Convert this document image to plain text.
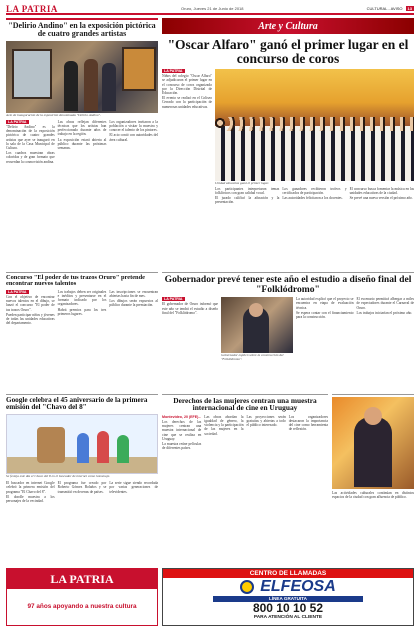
LA PATRIA	Oruro, Jueves 21 de Junio de 2018	CULTURAL - AVISO	13
"Delirio Andino" en la exposición pictórica de cuatro grandes artistas
Acto de inauguración de la exposición denominada "Delirio Andino".
LA PATRIA

"Delirio Andino" es la denominación de la exposición pictórica de cuatro grandes artistas que ayer se inauguró en la sala de la Casa Municipal de Cultura.

Los cuadros muestran obras coloridas y de gran formato que recuerdan la cosmovisión andina.

Las obras reflejan diferentes técnicas que los artistas han perfeccionado durante años de trabajo en la región.

La exposición estará abierta al público durante las próximas semanas.

Los organizadores invitaron a la población a visitar la muestra y conocer el talento de los pintores.

El acto contó con autoridades del área cultural.

Arte y Cultura
"Oscar Alfaro" ganó el primer lugar en el concurso de coros
LA PATRIA

Niños del colegio "Oscar Alfaro" se adjudicaron el primer lugar en el concurso de coros organizado por la Dirección Distrital de Educación.

El evento se realizó en el Coliseo Cerrado con la participación de numerosas unidades educativas.

Unidad educativa ganó el primer lugar.

Los participantes interpretaron temas folklóricos con gran calidad vocal.

El jurado calificó la afinación y la presentación.

Los ganadores recibieron trofeos y certificados de participación.

Las autoridades felicitaron a los docentes.

El concurso busca fomentar la música en las unidades educativas de la ciudad.

Se prevé una nueva versión el próximo año.

Concurso "El poder de tus trazos Oruro" pretende encontrar nuevos talentos
LA PATRIA

Con el objetivo de encontrar nuevos talentos en el dibujo, se lanzó el concurso "El poder de tus trazos Oruro".

Pueden participar niños y jóvenes de todas las unidades educativas del departamento.

Los trabajos deben ser originales e inéditos y presentarse en el formato indicado por los organizadores.

Habrá premios para los tres primeros lugares.

Las inscripciones se encuentran abiertas hasta fin de mes.

Los dibujos serán expuestos al público durante la premiación.

Gobernador prevé tener este año el estudio a diseño final del "Folklódromo"
LA PATRIA

El gobernador de Oruro informó que este año se tendrá el estudio a diseño final del "Folklódromo".

Gobernador explicó sobre la construcción del "Folklódromo".

La autoridad explicó que el proyecto se encuentra en etapa de evaluación técnica.

Se espera contar con el financiamiento para la construcción.

El escenario permitirá albergar a miles de espectadores durante el Carnaval de Oruro.

Los trabajos iniciarían el próximo año.

Google celebra el 45 aniversario de la primera emisión del "Chavo del 8"
Se festeja este día el Chavo del 8 en el buscador de internet como homenaje.

El buscador en internet Google celebró la primera emisión del programa "El Chavo del 8".

El doodle muestra a los personajes de la vecindad.

El programa fue creado por Roberto Gómez Bolaños y se transmitió en decenas de países.

La serie sigue siendo recordada por varias generaciones de televidentes.

Derechos de las mujeres centran una muestra internacional de cine en Uruguay
Montevideo, 20 (EFE).-

Los derechos de las mujeres centran una muestra internacional de cine que se realiza en Uruguay.

La muestra reúne películas de diferentes países.

Las obras abordan la igualdad de género, la violencia y la participación de las mujeres en la sociedad.

Las proyecciones serán gratuitas y abiertas a todo el público interesado.

Los organizadores destacaron la importancia del cine como herramienta de reflexión.

Las actividades culturales continúan en distintos espacios de la ciudad con gran afluencia de público.

LA PATRIA
97 años apoyando a nuestra cultura
CENTRO DE LLAMADAS
ELFEOSA
LÍNEA GRATUITA
800 10 10 52
PARA ATENCIÓN AL CLIENTE
